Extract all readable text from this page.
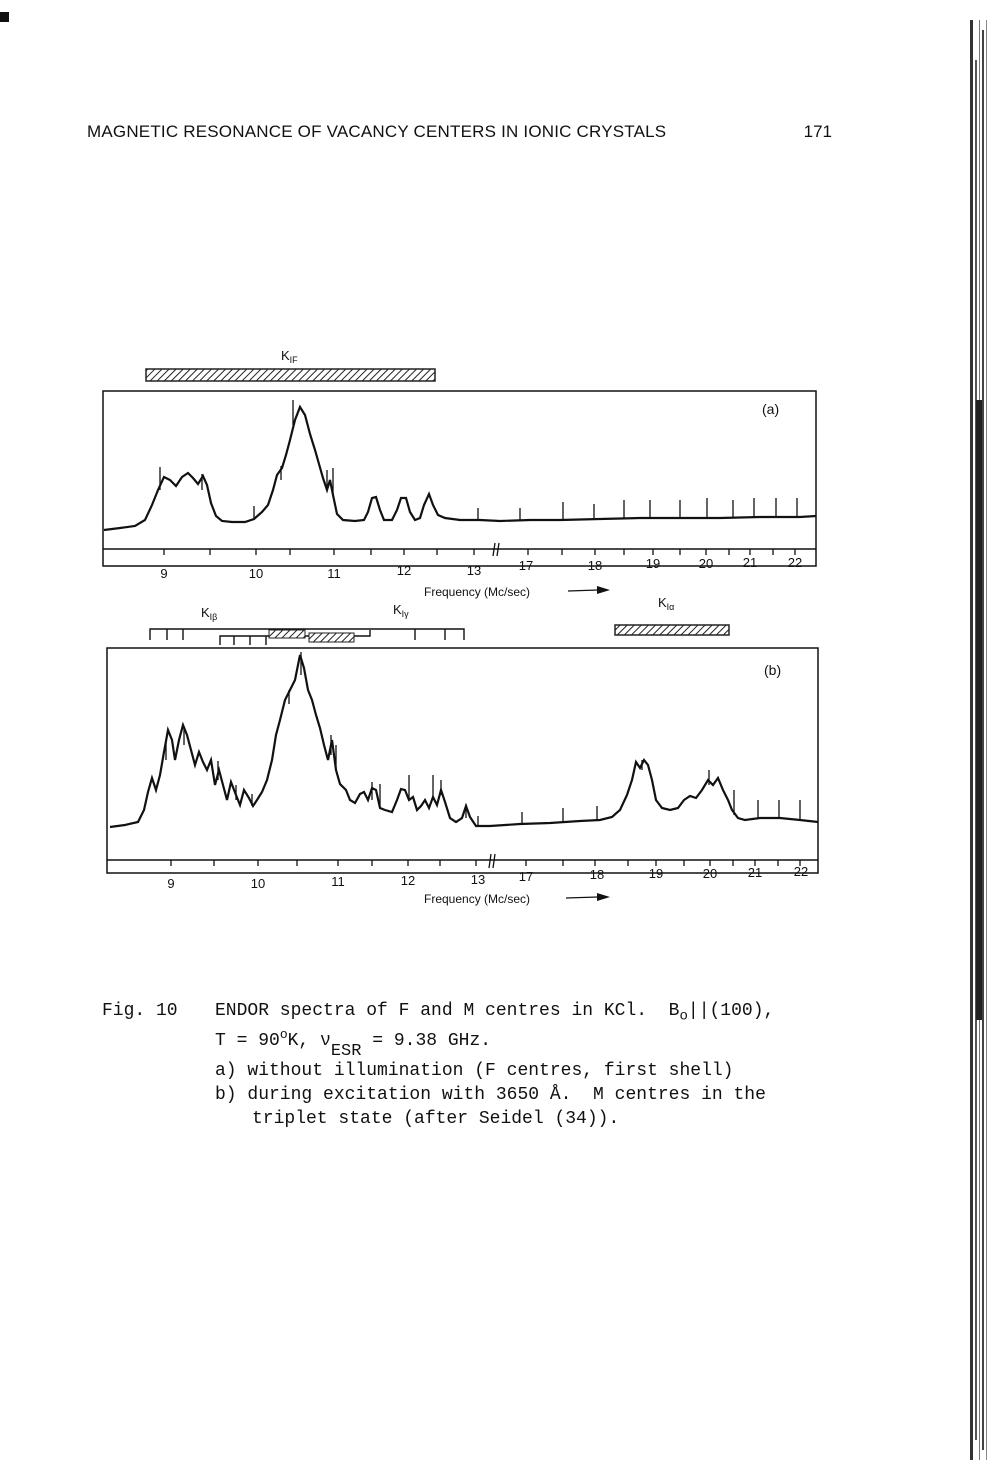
MAGNETIC RESONANCE OF VACANCY CENTERS IN IONIC CRYSTALS	171
$K_{IF}$
(a)
9	10	11	12	13	17	18	19	20 21 22
Frequency (Mc/sec)
$K_{I\beta}$	$K_{I\gamma}$
$K_{I\alpha}$
(b)
9	10	11	12	13	17	18	19	20 21 22
Frequency (Mc/sec)
Fig. 10 ENDOR spectra of F and M centres in KCl.  $B_o||(100)$,
$T = 90^oK$, $\nu_{ESR} = 9.38$ GHz.
a) without illumination (F centres, first shell)
b) during excitation with 3650 Å.  M centres in the
triplet state (after Seidel (34)).
